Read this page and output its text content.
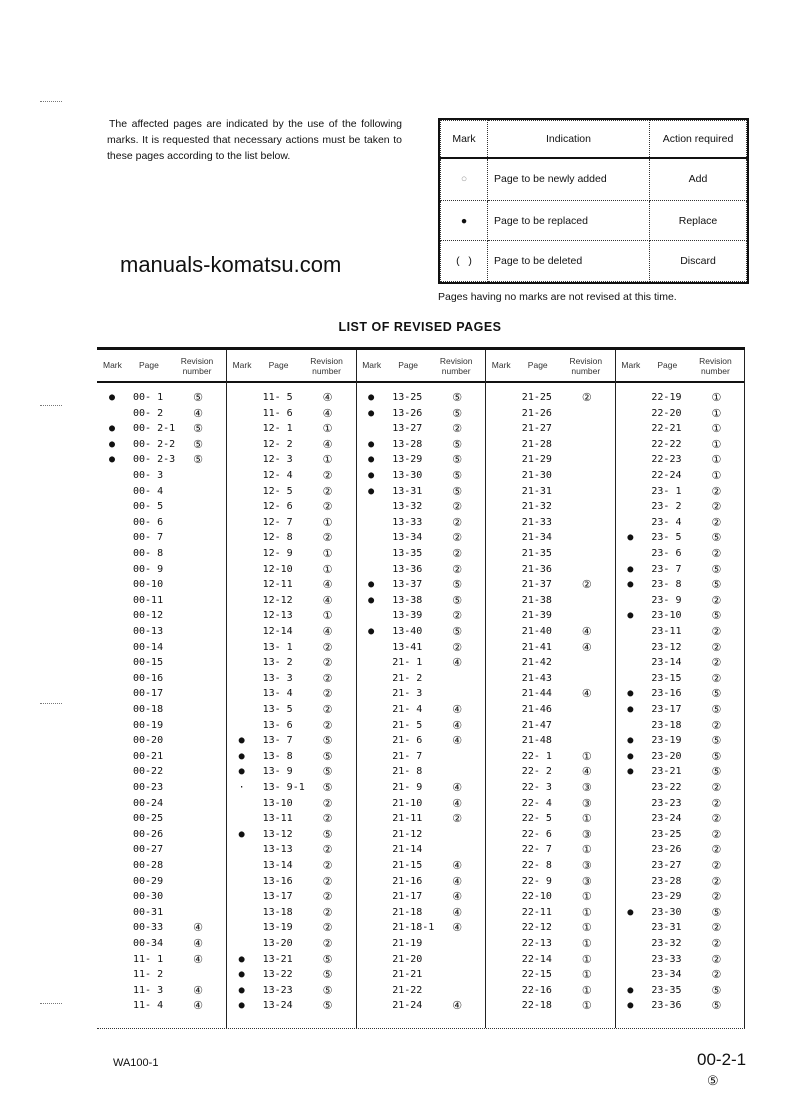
The affected pages are indicated by the use of the following marks. It is requested that necessary actions must be taken to these pages according to the list below.
Mark	Indication	Action required
○	Page to be newly added	Add
●	Page to be replaced	Replace
(   )	Page to be deleted	Discard
manuals-komatsu.com
Pages having no marks are not revised at this time.
LIST OF REVISED PAGES
Mark Page	Revision number
●	00- 1	⑤
00- 2	④
●	00- 2-1	⑤
●	00- 2-2	⑤
●	00- 2-3	⑤
00- 3
00- 4
00- 5
00- 6
00- 7
00- 8
00- 9
00-10
00-11
00-12
00-13
00-14
00-15
00-16
00-17
00-18
00-19
00-20
00-21
00-22
00-23
00-24
00-25
00-26
00-27
00-28
00-29
00-30
00-31
00-33	④
00-34	④
11- 1	④
11- 2
11- 3	④
11- 4	④
Mark Page	Revision number
11- 5	④
11- 6	④
12- 1	①
12- 2	④
12- 3	①
12- 4	②
12- 5	②
12- 6	②
12- 7	①
12- 8	②
12- 9	①
12-10	①
12-11	④
12-12	④
12-13	①
12-14	④
13- 1	②
13- 2	②
13- 3	②
13- 4	②
13- 5	②
13- 6	②
●	13- 7	⑤
●	13- 8	⑤
●	13- 9	⑤
·	13- 9-1	⑤
13-10	②
13-11	②
●	13-12	⑤
13-13	②
13-14	②
13-16	②
13-17	②
13-18	②
13-19	②
13-20	②
●	13-21	⑤
●	13-22	⑤
●	13-23	⑤
●	13-24	⑤
Mark Page	Revision number
●	13-25	⑤
●	13-26	⑤
13-27	②
●	13-28	⑤
●	13-29	⑤
●	13-30	⑤
●	13-31	⑤
13-32	②
13-33	②
13-34	②
13-35	②
13-36	②
●	13-37	⑤
●	13-38	⑤
13-39	②
●	13-40	⑤
13-41	②
21- 1	④
21- 2
21- 3
21- 4	④
21- 5	④
21- 6	④
21- 7
21- 8
21- 9	④
21-10	④
21-11	②
21-12
21-14
21-15	④
21-16	④
21-17	④
21-18	④
21-18-1	④
21-19
21-20
21-21
21-22
21-24	④
Mark Page	Revision number
21-25	②
21-26
21-27
21-28
21-29
21-30
21-31
21-32
21-33
21-34
21-35
21-36
21-37	②
21-38
21-39
21-40	④
21-41	④
21-42
21-43
21-44	④
21-46
21-47
21-48
22- 1	①
22- 2	④
22- 3	③
22- 4	③
22- 5	①
22- 6	③
22- 7	①
22- 8	③
22- 9	③
22-10	①
22-11	①
22-12	①
22-13	①
22-14	①
22-15	①
22-16	①
22-18	①
Mark Page	Revision number
22-19	①
22-20	①
22-21	①
22-22	①
22-23	①
22-24	①
23- 1	②
23- 2	②
23- 4	②
●	23- 5	⑤
23- 6	②
●	23- 7	⑤
●	23- 8	⑤
23- 9	②
●	23-10	⑤
23-11	②
23-12	②
23-14	②
23-15	②
●	23-16	⑤
●	23-17	⑤
23-18	②
●	23-19	⑤
●	23-20	⑤
●	23-21	⑤
23-22	②
23-23	②
23-24	②
23-25	②
23-26	②
23-27	②
23-28	②
23-29	②
●	23-30	⑤
23-31	②
23-32	②
23-33	②
23-34	②
●	23-35	⑤
●	23-36	⑤
WA100-1	00-2-1
⑤
